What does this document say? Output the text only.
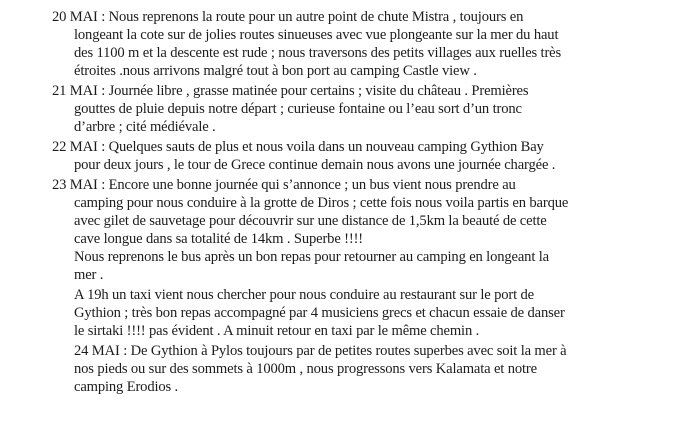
20 MAI : Nous reprenons la route pour un autre point de chute Mistra , toujours en
longeant la cote sur de jolies routes sinueuses avec vue plongeante sur la mer du haut
des 1100 m et la descente est rude ; nous traversons des petits villages aux ruelles très
étroites .nous arrivons malgré tout à bon port au camping Castle view .
21 MAI : Journée libre , grasse matinée pour certains ; visite du château . Premières
gouttes de pluie depuis notre départ ; curieuse fontaine ou l’eau sort d’un tronc
d’arbre ; cité médiévale .
22 MAI : Quelques sauts de plus et nous voila dans un nouveau camping Gythion Bay
pour deux jours , le tour de Grece continue demain nous avons une journée chargée .
23 MAI : Encore une bonne journée qui s’annonce ; un bus vient nous prendre au
camping pour nous conduire à la grotte de Diros ; cette fois nous voila partis en barque
avec gilet de sauvetage pour découvrir sur une distance de 1,5km la beauté de cette
cave longue dans sa totalité de 14km . Superbe !!!!
Nous reprenons le bus après un bon repas pour retourner au camping en longeant la
mer .
A 19h un taxi vient nous chercher pour nous conduire au restaurant sur le port de
Gythion ; très bon repas accompagné par 4 musiciens grecs et chacun essaie de danser
le sirtaki !!!! pas évident . A minuit retour en taxi par le même chemin .
24 MAI : De Gythion à Pylos toujours par de petites routes superbes avec soit la mer à
nos pieds ou sur des sommets à 1000m , nous progressons vers Kalamata et notre
camping Erodios .
